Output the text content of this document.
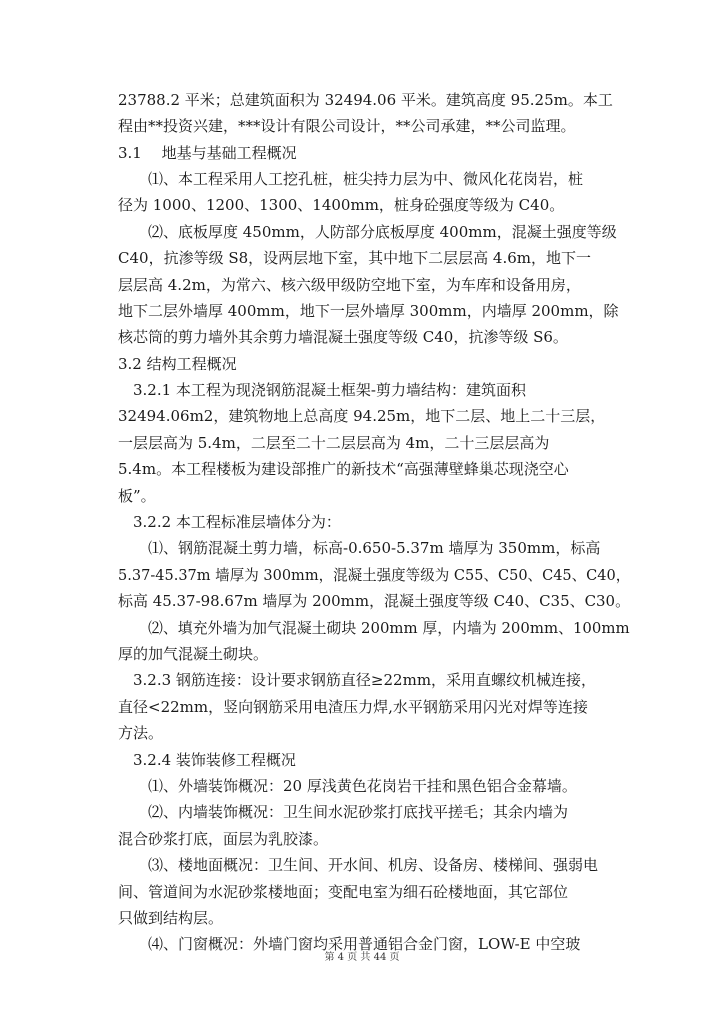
23788.2 平米；总建筑面积为 32494.06 平米。建筑高度 95.25m。本工
程由**投资兴建，***设计有限公司设计，**公司承建，**公司监理。
3.1　 地基与基础工程概况
⑴、本工程采用人工挖孔桩，桩尖持力层为中、微风化花岗岩，桩
径为 1000、1200、1300、1400mm，桩身砼强度等级为 C40。
⑵、底板厚度 450mm，人防部分底板厚度 400mm，混凝土强度等级
C40，抗渗等级 S8，设两层地下室，其中地下二层层高 4.6m，地下一
层层高 4.2m，为常六、核六级甲级防空地下室，为车库和设备用房，
地下二层外墙厚 400mm，地下一层外墙厚 300mm，内墙厚 200mm，除
核芯筒的剪力墙外其余剪力墙混凝土强度等级 C40，抗渗等级 S6。
3.2 结构工程概况
3.2.1 本工程为现浇钢筋混凝土框架-剪力墙结构：建筑面积
32494.06m2，建筑物地上总高度 94.25m，地下二层、地上二十三层，
一层层高为 5.4m，二层至二十二层层高为 4m，二十三层层高为
5.4m。本工程楼板为建设部推广的新技术“高强薄壁蜂巢芯现浇空心
板”。
3.2.2 本工程标准层墙体分为：
⑴、钢筋混凝土剪力墙，标高-0.650-5.37m 墙厚为 350mm，标高
5.37-45.37m 墙厚为 300mm，混凝土强度等级为 C55、C50、C45、C40，
标高 45.37-98.67m 墙厚为 200mm，混凝土强度等级 C40、C35、C30。
⑵、填充外墙为加气混凝土砌块 200mm 厚，内墙为 200mm、100mm
厚的加气混凝土砌块。
3.2.3 钢筋连接：设计要求钢筋直径≥22mm，采用直螺纹机械连接，
直径<22mm，竖向钢筋采用电渣压力焊,水平钢筋采用闪光对焊等连接
方法。
3.2.4 装饰装修工程概况
⑴、外墙装饰概况：20 厚浅黄色花岗岩干挂和黑色铝合金幕墙。
⑵、内墙装饰概况：卫生间水泥砂浆打底找平搓毛；其余内墙为
混合砂浆打底，面层为乳胶漆。
⑶、楼地面概况：卫生间、开水间、机房、设备房、楼梯间、强弱电
间、管道间为水泥砂浆楼地面；变配电室为细石砼楼地面，其它部位
只做到结构层。
⑷、门窗概况：外墙门窗均采用普通铝合金门窗，LOW-E 中空玻
第 4 页 共 44 页
